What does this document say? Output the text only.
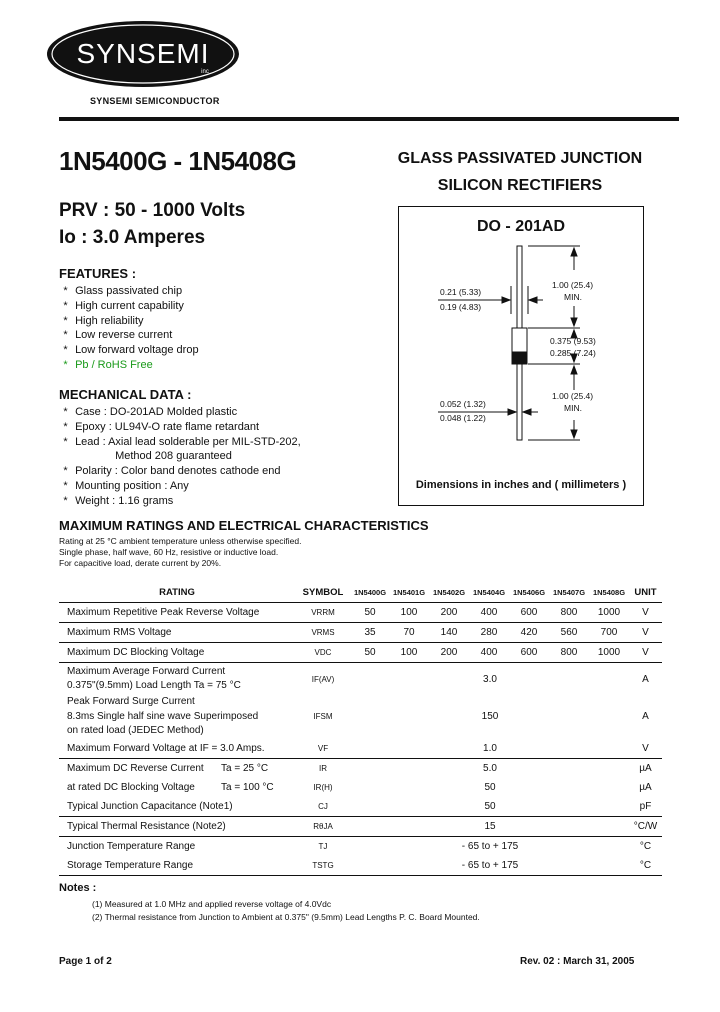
SYNSEMI
inc
SYNSEMI SEMICONDUCTOR
1N5400G - 1N5408G	GLASS PASSIVATED JUNCTION
SILICON RECTIFIERS
PRV : 50 - 1000 Volts
Io : 3.0 Amperes
DO - 201AD
0.21 (5.33)
0.19 (4.83)
1.00 (25.4)
MIN.
0.375 (9.53)
0.285 (7.24)
0.052 (1.32)
0.048 (1.22)
1.00 (25.4)
MIN.
Dimensions in inches and ( millimeters )
FEATURES :
* Glass passivated chip
* High current capability
* High reliability
* Low reverse current
* Low forward voltage drop
* Pb / RoHS Free
MECHANICAL DATA :
* Case : DO-201AD Molded plastic
* Epoxy : UL94V-O rate flame retardant
* Lead : Axial lead solderable per MIL-STD-202,
Method 208 guaranteed
* Polarity : Color band denotes cathode end
* Mounting position : Any
* Weight : 1.16 grams
MAXIMUM RATINGS AND ELECTRICAL CHARACTERISTICS
Rating at 25 °C ambient temperature unless otherwise specified.
Single phase, half wave, 60 Hz, resistive or inductive load.
For capacitive load, derate current by 20%.
RATING	SYMBOL	1N5400G	1N5401G	1N5402G	1N5404G	1N5406G	1N5407G	1N5408G	UNIT
Maximum Repetitive Peak Reverse Voltage	VRRM	50	100	200	400	600	800	1000	V
Maximum RMS Voltage	VRMS	35	70	140	280	420	560	700	V
Maximum DC Blocking Voltage	VDC	50	100	200	400	600	800	1000	V

Maximum Average Forward Current
0.375"(9.5mm) Load Length Ta = 75 °C	IF(AV)	3.0							A

Peak Forward Surge Current
8.3ms Single half sine wave Superimposed
on rated load (JEDEC Method)	IFSM	150							A
Maximum Forward Voltage at IF = 3.0 Amps.	VF	1.0							V
Maximum DC Reverse Current Ta = 25 °C	IR	5.0							µA
at rated DC Blocking Voltage Ta = 100 °C	IR(H)	50							µA
Typical Junction Capacitance (Note1)	CJ	50							pF
Typical Thermal Resistance (Note2)	RθJA	15							°C/W
Junction Temperature Range	TJ	- 65 to + 175							°C
Storage Temperature Range	TSTG	- 65 to + 175							°C

Notes :
(1) Measured at 1.0 MHz and applied reverse voltage of 4.0Vdc
(2) Thermal resistance from Junction to Ambient at 0.375" (9.5mm) Lead Lengths P. C. Board Mounted.
Page 1 of 2	Rev. 02 : March 31, 2005
